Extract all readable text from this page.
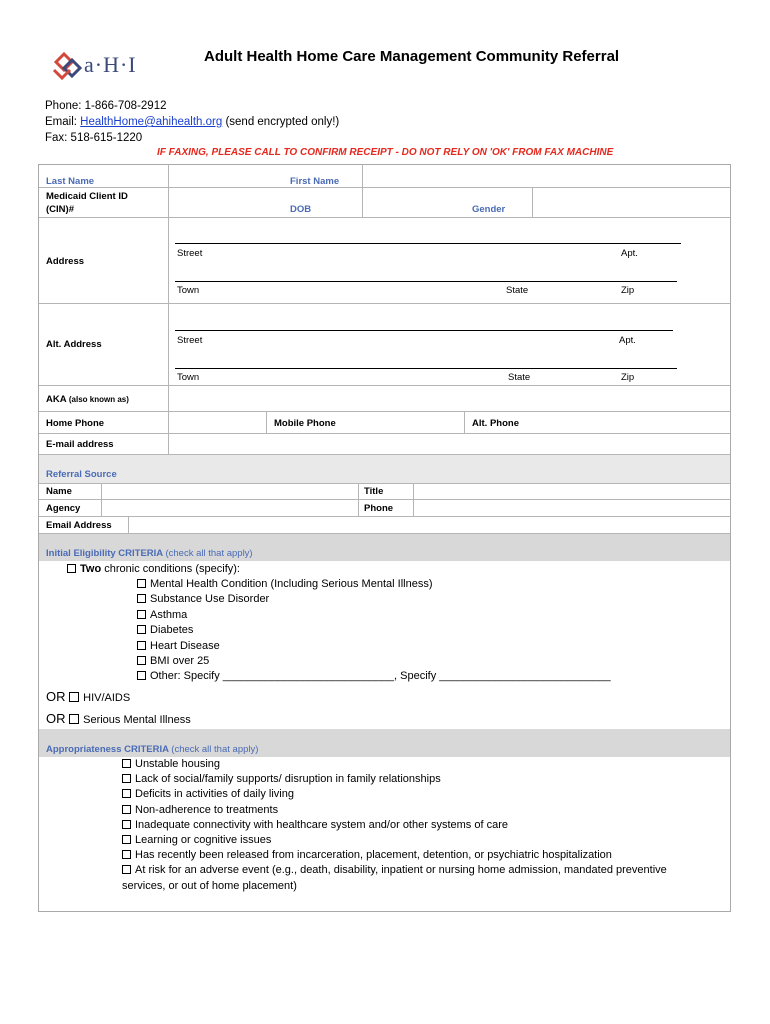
a·H·I	Adult Health Home Care Management Community Referral
Phone: 1-866-708-2912
Email: HealthHome@ahihealth.org (send encrypted only!)
Fax: 518-615-1220
IF FAXING, PLEASE CALL TO CONFIRM RECEIPT - DO NOT RELY ON 'OK' FROM FAX MACHINE
Last Name	First Name
Medicaid Client ID
(CIN)#	DOB	Gender
Address
Street	Apt.
Town	State	Zip
Alt. Address	Street	Apt.
Town	State	Zip
AKA (also known as)
Home Phone	Mobile Phone	Alt. Phone
E-mail address
Referral Source
Name	Title
Agency	Phone
Email Address
Initial Eligibility CRITERIA (check all that apply)
Two chronic conditions (specify):
Mental Health Condition (Including Serious Mental Illness)
Substance Use Disorder
Asthma
Diabetes
Heart Disease
BMI over 25
Other: Specify ____________________________, Specify ____________________________
OR HIV/AIDS
OR Serious Mental Illness
Appropriateness CRITERIA (check all that apply)
Unstable housing
Lack of social/family supports/ disruption in family relationships
Deficits in activities of daily living
Non-adherence to treatments
Inadequate connectivity with healthcare system and/or other systems of care
Learning or cognitive issues
Has recently been released from incarceration, placement, detention, or psychiatric hospitalization
At risk for an adverse event (e.g., death, disability, inpatient or nursing home admission, mandated preventive
services, or out of home placement)
